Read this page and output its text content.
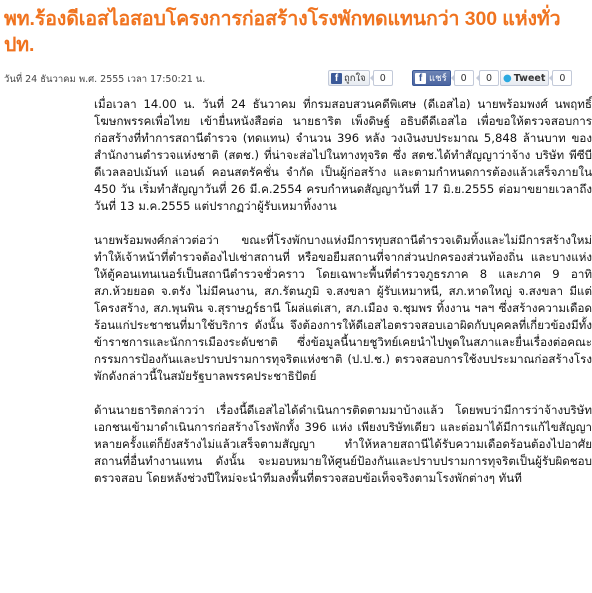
พท.ร้องดีเอสไอสอบโครงการก่อสร้างโรงพักทดแทนกว่า 300 แห่งทั่ว ปท.
วันที่ 24 ธันวาคม พ.ศ. 2555 เวลา 17:50:21 น.	f ถูกใจ	0	f แชร์	0	0	● Tweet	0

เมื่อเวลา 14.00 น. วันที่ 24 ธันวาคม ที่กรมสอบสวนคดีพิเศษ (ดีเอสไอ) นายพร้อมพงศ์ นพฤทธิ์ โฆษกพรรคเพื่อไทย เข้ายื่นหนังสือต่อ นายธาริต เพ็งดิษฐ์ อธิบดีดีเอสไอ เพื่อขอให้ตรวจสอบการก่อสร้างที่ทำการสถานีตำรวจ (ทดแทน) จำนวน 396 หลัง วงเงินงบประมาณ 5,848 ล้านบาท ของสำนักงานตำรวจแห่งชาติ (สตช.) ที่น่าจะส่อไปในทางทุจริต ซึ่ง สตช.ได้ทำสัญญาว่าจ้าง บริษัท พีซีบี ดีเวลลอปเม้นท์ แอนด์ คอนสตรัคชั่น จำกัด เป็นผู้ก่อสร้าง และตามกำหนดการต้องแล้วเสร็จภายใน 450 วัน เริ่มทำสัญญาวันที่ 26 มี.ค.2554 ครบกำหนดสัญญาวันที่ 17 มิ.ย.2555 ต่อมาขยายเวลาถึงวันที่ 13 ม.ค.2555 แต่ปรากฏว่าผู้รับเหมาทิ้งงาน

นายพร้อมพงศ์กล่าวต่อว่า ขณะที่โรงพักบางแห่งมีการทุบสถานีตำรวจเดิมทิ้งและไม่มีการสร้างใหม่ ทำให้เจ้าหน้าที่ตำรวจต้องไปเช่าสถานที่ หรือขอยืมสถานที่จากส่วนปกครองส่วนท้องถิ่น และบางแห่งให้ตู้คอนเทนเนอร์เป็นสถานีตำรวจชั่วคราว โดยเฉพาะพื้นที่ตำรวจภูธรภาค 8 และภาค 9 อาทิ สภ.ห้วยยอด จ.ตรัง ไม่มีคนงาน, สภ.รัตนภูมิ จ.สงขลา ผู้รับเหมาหนี, สภ.หาดใหญ่ จ.สงขลา มีแต่โครงสร้าง, สภ.พุนพิน จ.สุราษฎร์ธานี โผล่แต่เสา, สภ.เมือง จ.ชุมพร ทิ้งงาน ฯลฯ ซึ่งสร้างความเดือดร้อนแก่ประชาชนที่มาใช้บริการ ดังนั้น จึงต้องการให้ดีเอสไอตรวจสอบเอาผิดกับบุคคลที่เกี่ยวข้องมีทั้งข้าราชการและนักการเมืองระดับชาติ ซึ่งข้อมูลนี้นายชูวิทย์เคยนำไปพูดในสภาและยื่นเรื่องต่อคณะกรรมการป้องกันและปราบปรามการทุจริตแห่งชาติ (ป.ป.ช.) ตรวจสอบการใช้งบประมาณก่อสร้างโรงพักดังกล่าวนี้ในสมัยรัฐบาลพรรคประชาธิปัตย์

ด้านนายธาริตกล่าวว่า เรื่องนี้ดีเอสไอได้ดำเนินการติดตามมาบ้างแล้ว โดยพบว่ามีการว่าจ้างบริษัทเอกชนเข้ามาดำเนินการก่อสร้างโรงพักทั้ง 396 แห่ง เพียงบริษัทเดียว และต่อมาได้มีการแก้ไขสัญญาหลายครั้งแต่ก็ยังสร้างไม่แล้วเสร็จตามสัญญา ทำให้หลายสถานีได้รับความเดือดร้อนต้องไปอาศัยสถานที่อื่นทำงานแทน ดังนั้น จะมอบหมายให้ศูนย์ป้องกันและปราบปรามการทุจริตเป็นผู้รับผิดชอบตรวจสอบ โดยหลังช่วงปีใหม่จะนำทีมลงพื้นที่ตรวจสอบข้อเท็จจริงตามโรงพักต่างๆ ทันที
